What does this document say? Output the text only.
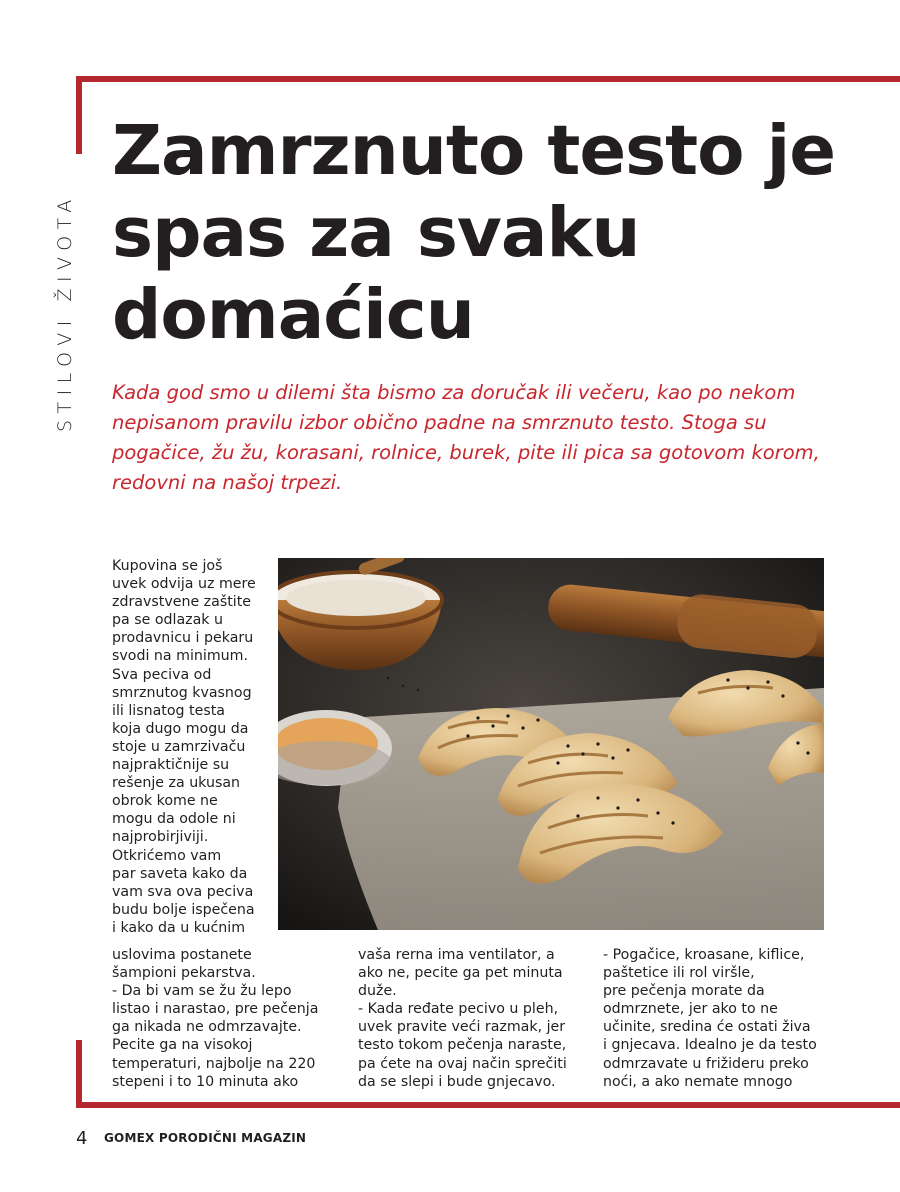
STILOVI ŽIVOTA
Zamrznuto testo je spas za svaku domaćicu

Kada god smo u dilemi šta bismo za doručak ili večeru, kao po nekom nepisanom pravilu izbor obično padne na smrznuto testo. Stoga su pogačice, žu žu, korasani, rolnice, burek, pite ili pica sa gotovom korom, redovni na našoj trpezi.

Kupovina se još
uvek odvija uz mere
zdravstvene zaštite
pa se odlazak u
prodavnicu i pekaru
svodi na minimum.
Sva peciva od
smrznutog kvasnog
ili lisnatog testa
koja dugo mogu da
stoje u zamrzivaču
najpraktičnije su
rešenje za ukusan
obrok kome ne
mogu da odole ni
najprobirjiviji.
Otkrićemo vam
par saveta kako da
vam sva ova peciva
budu bolje ispečena
i kako da u kućnim

uslovima postanete
šampioni pekarstva.
- Da bi vam se žu žu lepo
listao i narastao, pre pečenja
ga nikada ne odmrzavajte.
Pecite ga na visokoj
temperaturi, najbolje na 220
stepeni i to 10 minuta ako

vaša rerna ima ventilator, a
ako ne, pecite ga pet minuta
duže.
- Kada ređate pecivo u pleh,
uvek pravite veći razmak, jer
testo tokom pečenja naraste,
pa ćete na ovaj način sprečiti
da se slepi i bude gnjecavo.

- Pogačice, kroasane, kiflice,
paštetice ili rol viršle,
pre pečenja morate da
odmrznete, jer ako to ne
učinite, sredina će ostati živa
i gnjecava. Idealno je da testo
odmrzavate u frižideru preko
noći, a ako nemate mnogo

4 GOMEX PORODIČNI MAGAZIN
